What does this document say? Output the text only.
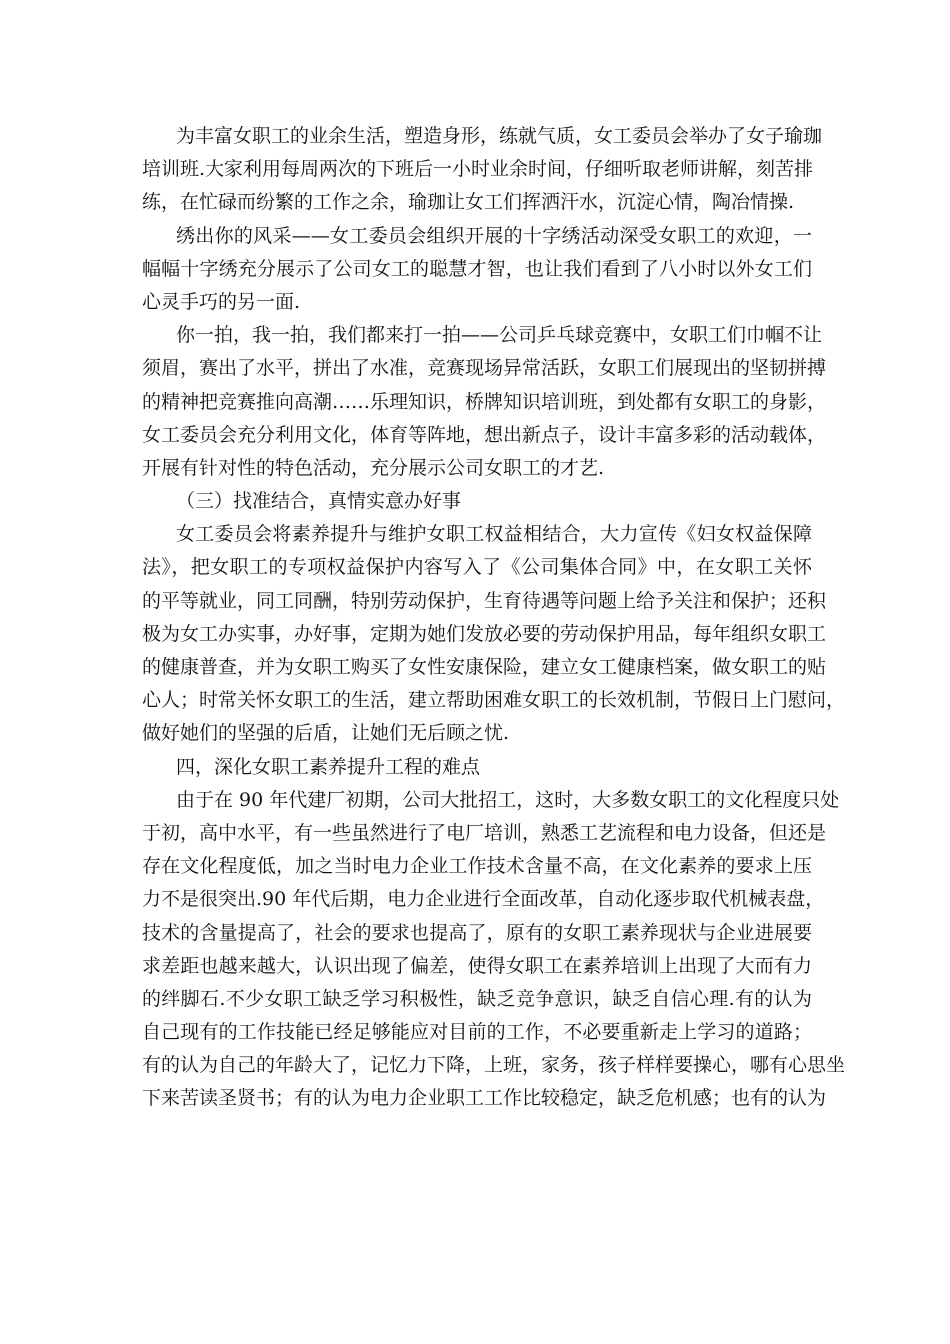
为丰富女职工的业余生活，塑造身形，练就气质，女工委员会举办了女子瑜珈
培训班.大家利用每周两次的下班后一小时业余时间，仔细听取老师讲解，刻苦排
练，在忙碌而纷繁的工作之余，瑜珈让女工们挥洒汗水，沉淀心情，陶冶情操.
绣出你的风采——女工委员会组织开展的十字绣活动深受女职工的欢迎，一
幅幅十字绣充分展示了公司女工的聪慧才智，也让我们看到了八小时以外女工们
心灵手巧的另一面.
你一拍，我一拍，我们都来打一拍——公司乒乓球竞赛中，女职工们巾帼不让
须眉，赛出了水平，拼出了水准，竞赛现场异常活跃，女职工们展现出的坚韧拼搏
的精神把竞赛推向高潮……乐理知识，桥牌知识培训班，到处都有女职工的身影，
女工委员会充分利用文化，体育等阵地，想出新点子，设计丰富多彩的活动载体，
开展有针对性的特色活动，充分展示公司女职工的才艺.
（三）找准结合，真情实意办好事
女工委员会将素养提升与维护女职工权益相结合，大力宣传《妇女权益保障
法》，把女职工的专项权益保护内容写入了《公司集体合同》中，在女职工关怀
的平等就业，同工同酬，特别劳动保护，生育待遇等问题上给予关注和保护；还积
极为女工办实事，办好事，定期为她们发放必要的劳动保护用品，每年组织女职工
的健康普查，并为女职工购买了女性安康保险，建立女工健康档案，做女职工的贴
心人；时常关怀女职工的生活，建立帮助困难女职工的长效机制，节假日上门慰问，
做好她们的坚强的后盾，让她们无后顾之忧.
四，深化女职工素养提升工程的难点
由于在 90 年代建厂初期，公司大批招工，这时，大多数女职工的文化程度只处
于初，高中水平，有一些虽然进行了电厂培训，熟悉工艺流程和电力设备，但还是
存在文化程度低，加之当时电力企业工作技术含量不高，在文化素养的要求上压
力不是很突出.90 年代后期，电力企业进行全面改革，自动化逐步取代机械表盘，
技术的含量提高了，社会的要求也提高了，原有的女职工素养现状与企业进展要
求差距也越来越大，认识出现了偏差，使得女职工在素养培训上出现了大而有力
的绊脚石.不少女职工缺乏学习积极性，缺乏竞争意识，缺乏自信心理.有的认为
自己现有的工作技能已经足够能应对目前的工作，不必要重新走上学习的道路；
有的认为自己的年龄大了，记忆力下降，上班，家务，孩子样样要操心，哪有心思坐
下来苦读圣贤书；有的认为电力企业职工工作比较稳定，缺乏危机感；也有的认为
